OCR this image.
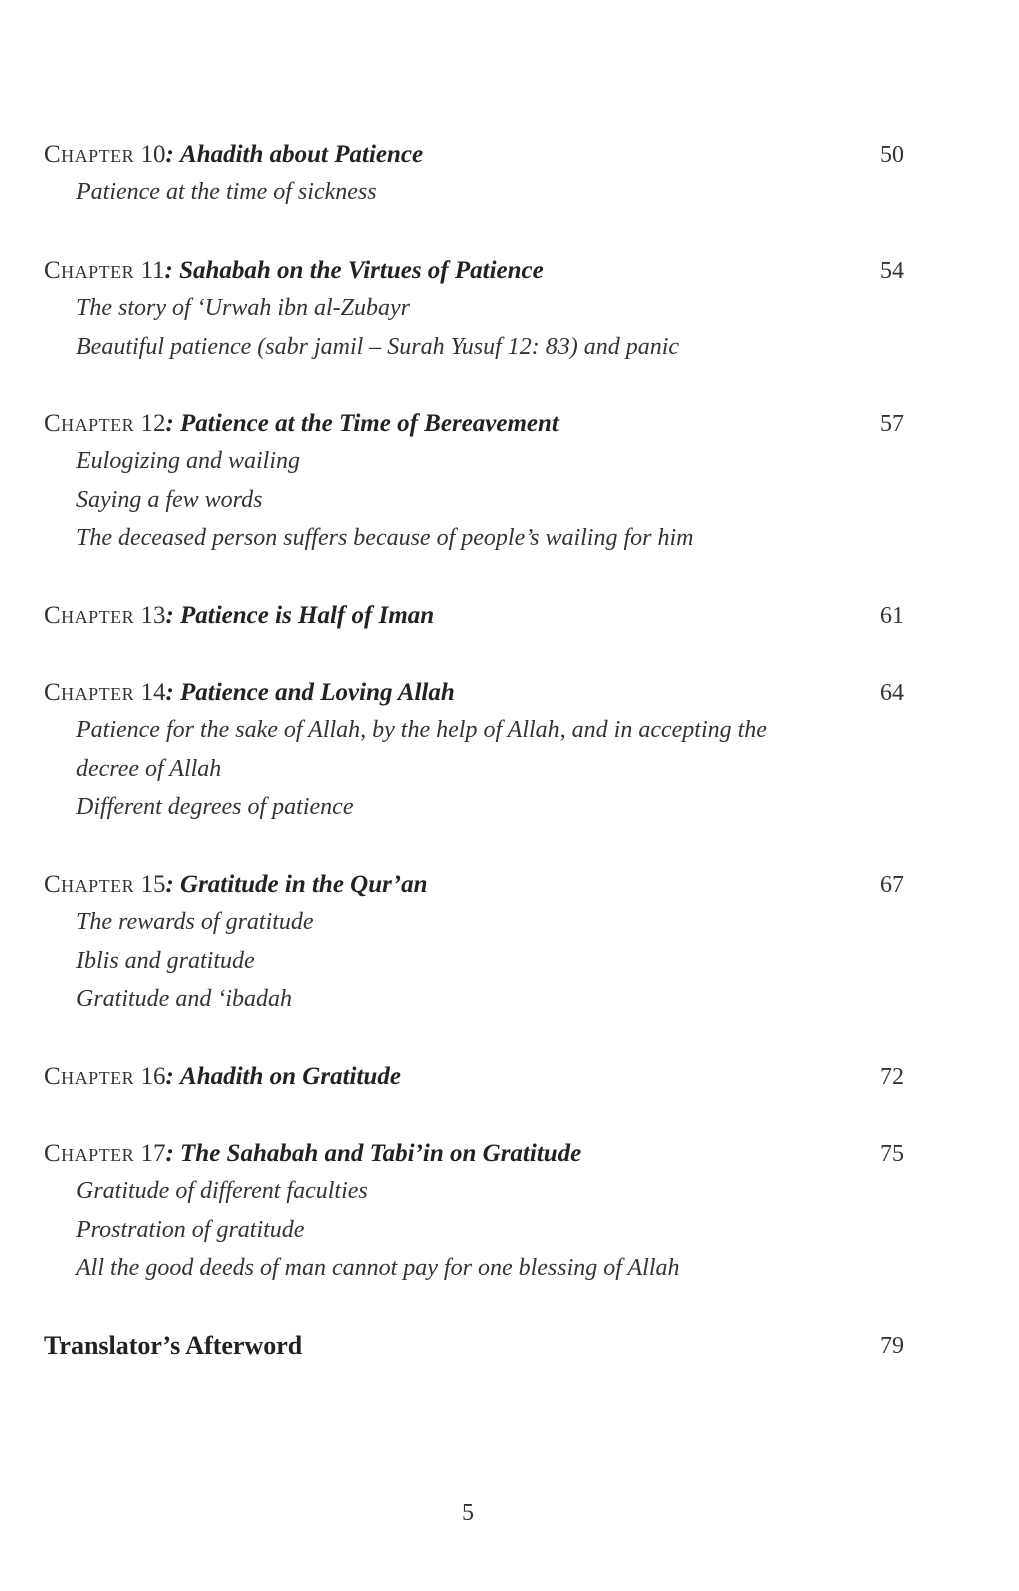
Chapter 10: Ahadith about Patience	50
Patience at the time of sickness
Chapter 11: Sahabah on the Virtues of Patience	54
The story of ‘Urwah ibn al-Zubayr
Beautiful patience (sabr jamil – Surah Yusuf 12: 83) and panic
Chapter 12: Patience at the Time of Bereavement	57
Eulogizing and wailing
Saying a few words
The deceased person suffers because of people’s wailing for him
Chapter 13: Patience is Half of Iman	61
Chapter 14: Patience and Loving Allah	64
Patience for the sake of Allah, by the help of Allah, and in accepting the decree of Allah
Different degrees of patience
Chapter 15: Gratitude in the Qur’an	67
The rewards of gratitude
Iblis and gratitude
Gratitude and ‘ibadah
Chapter 16: Ahadith on Gratitude	72
Chapter 17: The Sahabah and Tabi’in on Gratitude	75
Gratitude of different faculties
Prostration of gratitude
All the good deeds of man cannot pay for one blessing of Allah
Translator’s Afterword	79
5
